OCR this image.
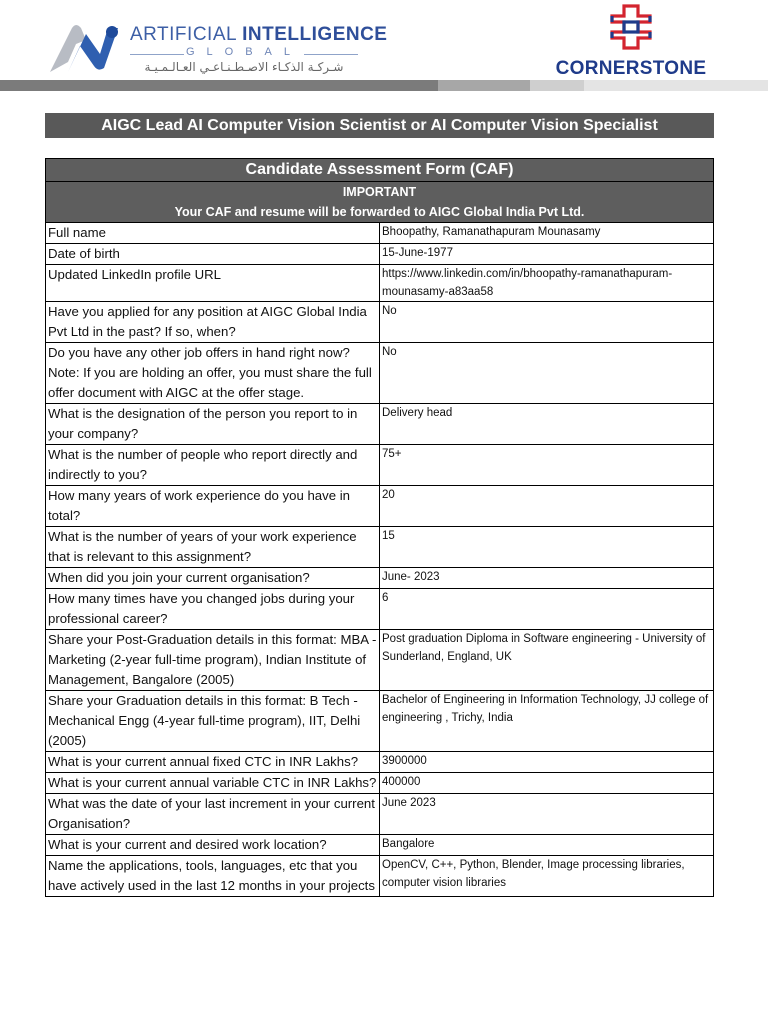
ARTIFICIAL INTELLIGENCE
GLOBAL
شـركـة الذكـاء الاصـطـنـاعـي العـالـمـيـة	CORNERSTONE
AIGC Lead AI Computer Vision Scientist or AI Computer Vision Specialist
Candidate Assessment Form (CAF)	

IMPORTANT
Your CAF and resume will be forwarded to AIGC Global India Pvt Ltd.	

Full name	Bhoopathy, Ramanathapuram Mounasamy
Date of birth	15-June-1977
Updated LinkedIn profile URL	https://www.linkedin.com/in/bhoopathy-ramanathapuram-mounasamy-a83aa58
Have you applied for any position at AIGC Global India Pvt Ltd in the past? If so, when?	No
Do you have any other job offers in hand right now? Note: If you are holding an offer, you must share the full offer document with AIGC at the offer stage.	No
What is the designation of the person you report to in your company?	Delivery head
What is the number of people who report directly and indirectly to you?	75+
How many years of work experience do you have in total?	20
What is the number of years of your work experience that is relevant to this assignment?	15
When did you join your current organisation?	June- 2023
How many times have you changed jobs during your professional career?	6
Share your Post-Graduation details in this format: MBA - Marketing (2-year full-time program), Indian Institute of Management, Bangalore (2005)	Post graduation Diploma in Software engineering - University of Sunderland, England, UK
Share your Graduation details in this format: B Tech - Mechanical Engg (4-year full-time program), IIT, Delhi (2005)	Bachelor of Engineering in Information Technology, JJ college of engineering , Trichy, India
What is your current annual fixed CTC in INR Lakhs?	3900000
What is your current annual variable CTC in INR Lakhs?	400000
What was the date of your last increment in your current Organisation?	June 2023
What is your current and desired work location?	Bangalore
Name the applications, tools, languages, etc that you have actively used in the last 12 months in your projects	OpenCV, C++, Python, Blender, Image processing libraries, computer vision libraries
